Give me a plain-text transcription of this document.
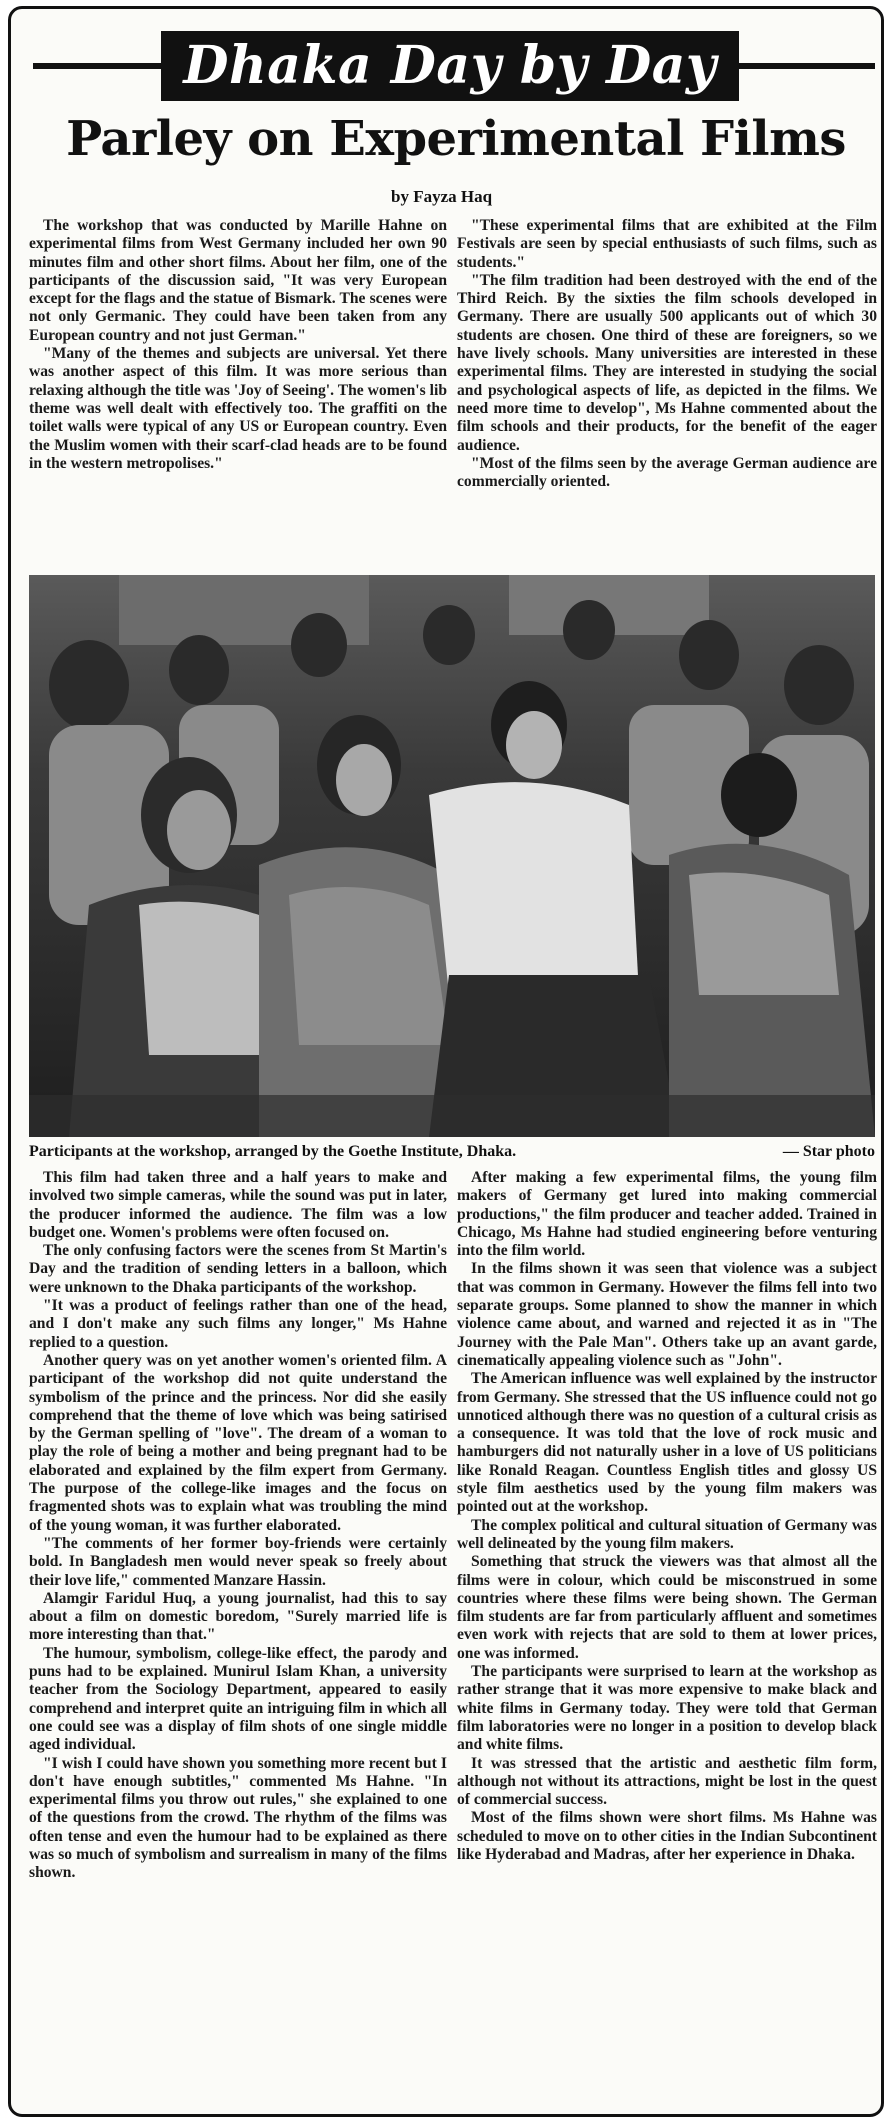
Dhaka Day by Day
Parley on Experimental Films
by Fayza Haq

The workshop that was conducted by Marille Hahne on experimental films from West Germany included her own 90 minutes film and other short films. About her film, one of the participants of the discussion said, "It was very European except for the flags and the statue of Bismark. The scenes were not only Germanic. They could have been taken from any European country and not just German."

"Many of the themes and subjects are universal. Yet there was another aspect of this film. It was more serious than relaxing although the title was 'Joy of Seeing'. The women's lib theme was well dealt with effectively too. The graffiti on the toilet walls were typical of any US or European country. Even the Muslim women with their scarf-clad heads are to be found in the western metropolises."

"These experimental films that are exhibited at the Film Festivals are seen by special enthusiasts of such films, such as students."

"The film tradition had been destroyed with the end of the Third Reich. By the sixties the film schools developed in Germany. There are usually 500 applicants out of which 30 students are chosen. One third of these are foreigners, so we have lively schools. Many universities are interested in these experimental films. They are interested in studying the social and psychological aspects of life, as depicted in the films. We need more time to develop", Ms Hahne commented about the film schools and their products, for the benefit of the eager audience.

"Most of the films seen by the average German audience are commercially oriented.

Participants at the workshop, arranged by the Goethe Institute, Dhaka.	— Star photo

This film had taken three and a half years to make and involved two simple cameras, while the sound was put in later, the producer informed the audience. The film was a low budget one. Women's problems were often focused on.

The only confusing factors were the scenes from St Martin's Day and the tradition of sending letters in a balloon, which were unknown to the Dhaka participants of the workshop.

"It was a product of feelings rather than one of the head, and I don't make any such films any longer," Ms Hahne replied to a question.

Another query was on yet another women's oriented film. A participant of the workshop did not quite understand the symbolism of the prince and the princess. Nor did she easily comprehend that the theme of love which was being satirised by the German spelling of "love". The dream of a woman to play the role of being a mother and being pregnant had to be elaborated and explained by the film expert from Germany. The purpose of the college-like images and the focus on fragmented shots was to explain what was troubling the mind of the young woman, it was further elaborated.

"The comments of her former boy-friends were certainly bold. In Bangladesh men would never speak so freely about their love life," commented Manzare Hassin.

Alamgir Faridul Huq, a young journalist, had this to say about a film on domestic boredom, "Surely married life is more interesting than that."

The humour, symbolism, college-like effect, the parody and puns had to be explained. Munirul Islam Khan, a university teacher from the Sociology Department, appeared to easily comprehend and interpret quite an intriguing film in which all one could see was a display of film shots of one single middle aged individual.

"I wish I could have shown you something more recent but I don't have enough subtitles," commented Ms Hahne. "In experimental films you throw out rules," she explained to one of the questions from the crowd. The rhythm of the films was often tense and even the humour had to be explained as there was so much of symbolism and surrealism in many of the films shown.

After making a few experimental films, the young film makers of Germany get lured into making commercial productions," the film producer and teacher added. Trained in Chicago, Ms Hahne had studied engineering before venturing into the film world.

In the films shown it was seen that violence was a subject that was common in Germany. However the films fell into two separate groups. Some planned to show the manner in which violence came about, and warned and rejected it as in "The Journey with the Pale Man". Others take up an avant garde, cinematically appealing violence such as "John".

The American influence was well explained by the instructor from Germany. She stressed that the US influence could not go unnoticed although there was no question of a cultural crisis as a consequence. It was told that the love of rock music and hamburgers did not naturally usher in a love of US politicians like Ronald Reagan. Countless English titles and glossy US style film aesthetics used by the young film makers was pointed out at the workshop.

The complex political and cultural situation of Germany was well delineated by the young film makers.

Something that struck the viewers was that almost all the films were in colour, which could be misconstrued in some countries where these films were being shown. The German film students are far from particularly affluent and sometimes even work with rejects that are sold to them at lower prices, one was informed.

The participants were surprised to learn at the workshop as rather strange that it was more expensive to make black and white films in Germany today. They were told that German film laboratories were no longer in a position to develop black and white films.

It was stressed that the artistic and aesthetic film form, although not without its attractions, might be lost in the quest of commercial success.

Most of the films shown were short films. Ms Hahne was scheduled to move on to other cities in the Indian Subcontinent like Hyderabad and Madras, after her experience in Dhaka.
